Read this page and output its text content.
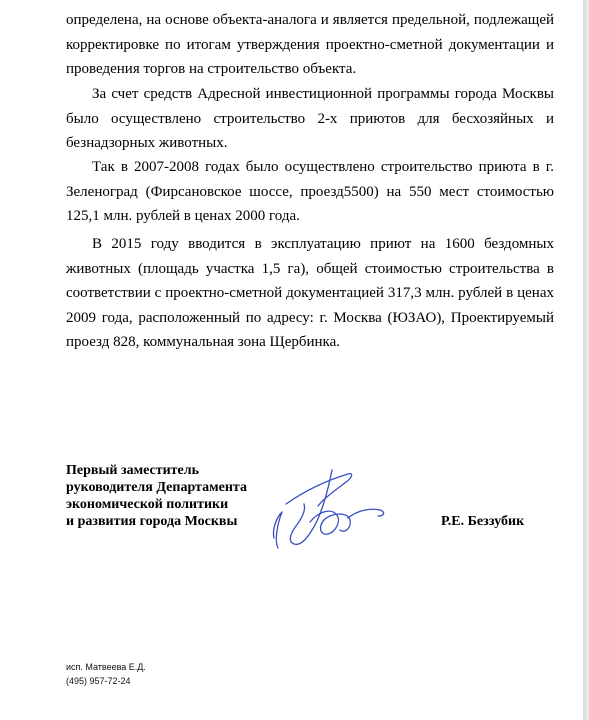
определена, на основе объекта-аналога и является предельной, подлежащей корректировке по итогам утверждения проектно-сметной документации и проведения торгов на строительство объекта.

За счет средств Адресной инвестиционной программы города Москвы было осуществлено строительство 2-х приютов для бесхозяйных и безнадзорных животных.

Так в 2007-2008 годах было осуществлено строительство приюта в г. Зеленоград (Фирсановское шоссе, проезд5500) на 550 мест стоимостью 125,1 млн. рублей в ценах 2000 года.

В 2015 году вводится в эксплуатацию приют на 1600 бездомных животных (площадь участка 1,5 га), общей стоимостью строительства в соответствии с проектно-сметной документацией 317,3 млн. рублей в ценах 2009 года, расположенный по адресу: г. Москва (ЮЗАО), Проектируемый проезд 828, коммунальная зона Щербинка.

Первый заместитель
руководителя Департамента
экономической политики
и развития города Москвы	Р.Е. Беззубик
исп. Матвеева Е.Д.
(495) 957-72-24
